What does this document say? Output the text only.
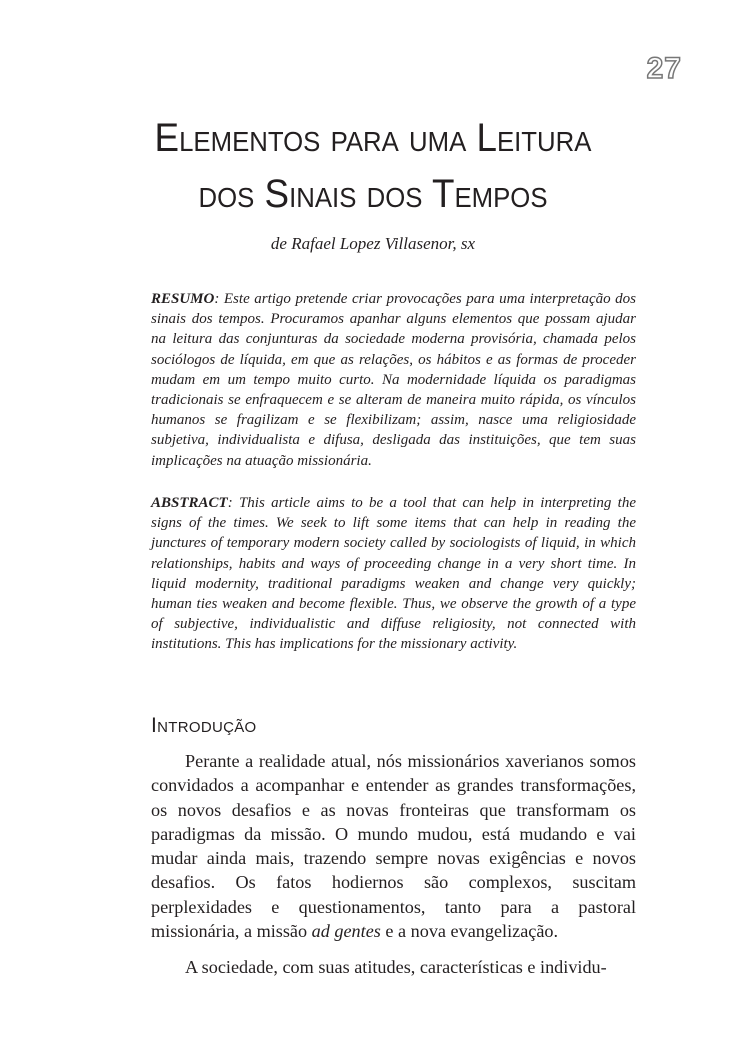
27
Elementos para uma Leitura
dos Sinais dos Tempos
de Rafael Lopez Villasenor, sx
RESUMO: Este artigo pretende criar provocações para uma interpretação dos sinais dos tempos. Procuramos apanhar alguns elementos que possam ajudar na leitura das conjunturas da sociedade moderna provisória, chamada pelos sociólogos de líquida, em que as relações, os hábitos e as formas de proceder mudam em um tempo muito curto. Na modernidade líquida os paradigmas tradicionais se enfraquecem e se alteram de maneira muito rápida, os vínculos humanos se fragilizam e se flexibilizam; assim, nasce uma religiosidade subjetiva, individualista e difusa, desligada das instituições, que tem suas implicações na atuação missionária.
ABSTRACT: This article aims to be a tool that can help in interpreting the signs of the times. We seek to lift some items that can help in reading the junctures of temporary modern society called by sociologists of liquid, in which relationships, habits and ways of proceeding change in a very short time. In liquid modernity, traditional paradigms weaken and change very quickly; human ties weaken and become flexible. Thus, we observe the growth of a type of subjective, individualistic and diffuse religiosity, not connected with institutions. This has implications for the missionary activity.
Introdução

Perante a realidade atual, nós missionários xaverianos somos convidados a acompanhar e entender as grandes transformações, os novos desafios e as novas fronteiras que transformam os paradigmas da missão. O mundo mudou, está mudando e vai mudar ainda mais, trazendo sempre novas exigências e novos desafios. Os fatos hodiernos são complexos, suscitam perplexidades e questionamentos, tanto para a pastoral missionária, a missão ad gentes e a nova evangelização.

A sociedade, com suas atitudes, características e individu-
